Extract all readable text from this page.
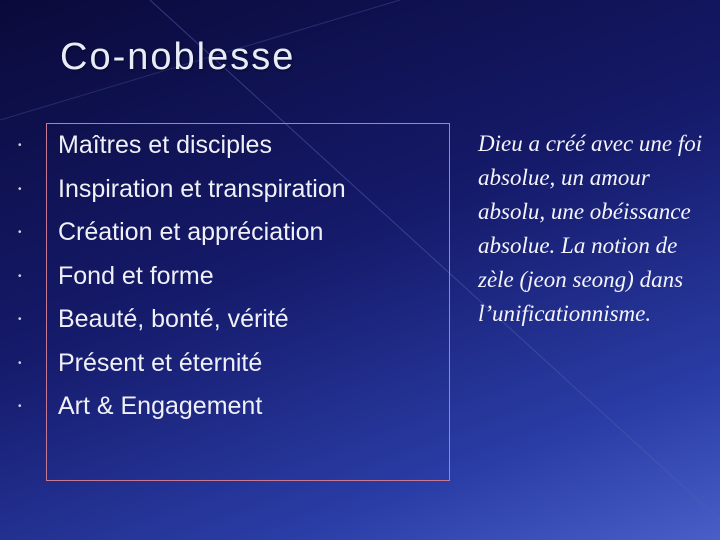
Co-noblesse
•	Maîtres et disciples
•	Inspiration et transpiration
•	Création et appréciation
•	Fond et forme
•	Beauté, bonté, vérité
•	Présent et éternité
•	Art & Engagement
Dieu a créé avec une foi absolue, un amour absolu, une obéissance absolue. La notion de zèle (jeon seong) dans l’unificationnisme.
